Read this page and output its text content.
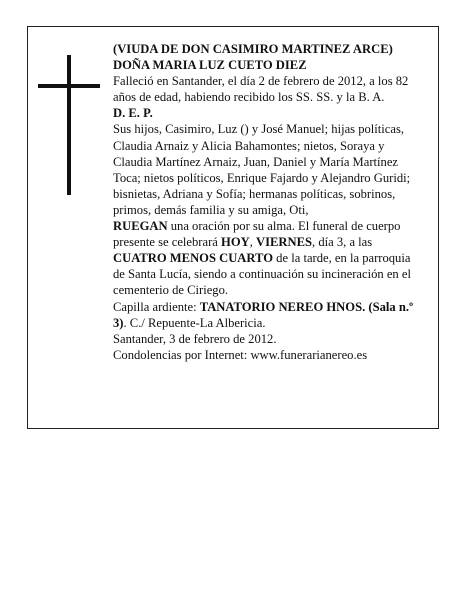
(VIUDA DE DON CASIMIRO MARTINEZ ARCE)

DOÑA MARIA LUZ CUETO DIEZ

Falleció en Santander, el día 2 de febrero de 2012, a los 82 años de edad, habiendo recibido los SS. SS. y la B. A.

D. E. P.

Sus hijos, Casimiro, Luz () y José Manuel; hijas políticas, Claudia Arnaiz y Alicia Bahamontes; nietos, Soraya y Claudia Martínez Arnaiz, Juan, Daniel y María Martínez Toca; nietos políticos, Enrique Fajardo y Alejandro Guridi; bisnietas, Adriana y Sofía; hermanas políticas, sobrinos, primos, demás familia y su amiga, Oti,

RUEGAN una oración por su alma. El funeral de cuerpo presente se celebrará HOY, VIERNES, día 3, a las CUATRO MENOS CUARTO de la tarde, en la parroquia de Santa Lucía, siendo a continuación su incineración en el cementerio de Ciriego.

Capilla ardiente: TANATORIO NEREO HNOS. (Sala n.º 3). C./ Repuente-La Albericia.

Santander, 3 de febrero de 2012.

Condolencias por Internet: www.funerarianereo.es
